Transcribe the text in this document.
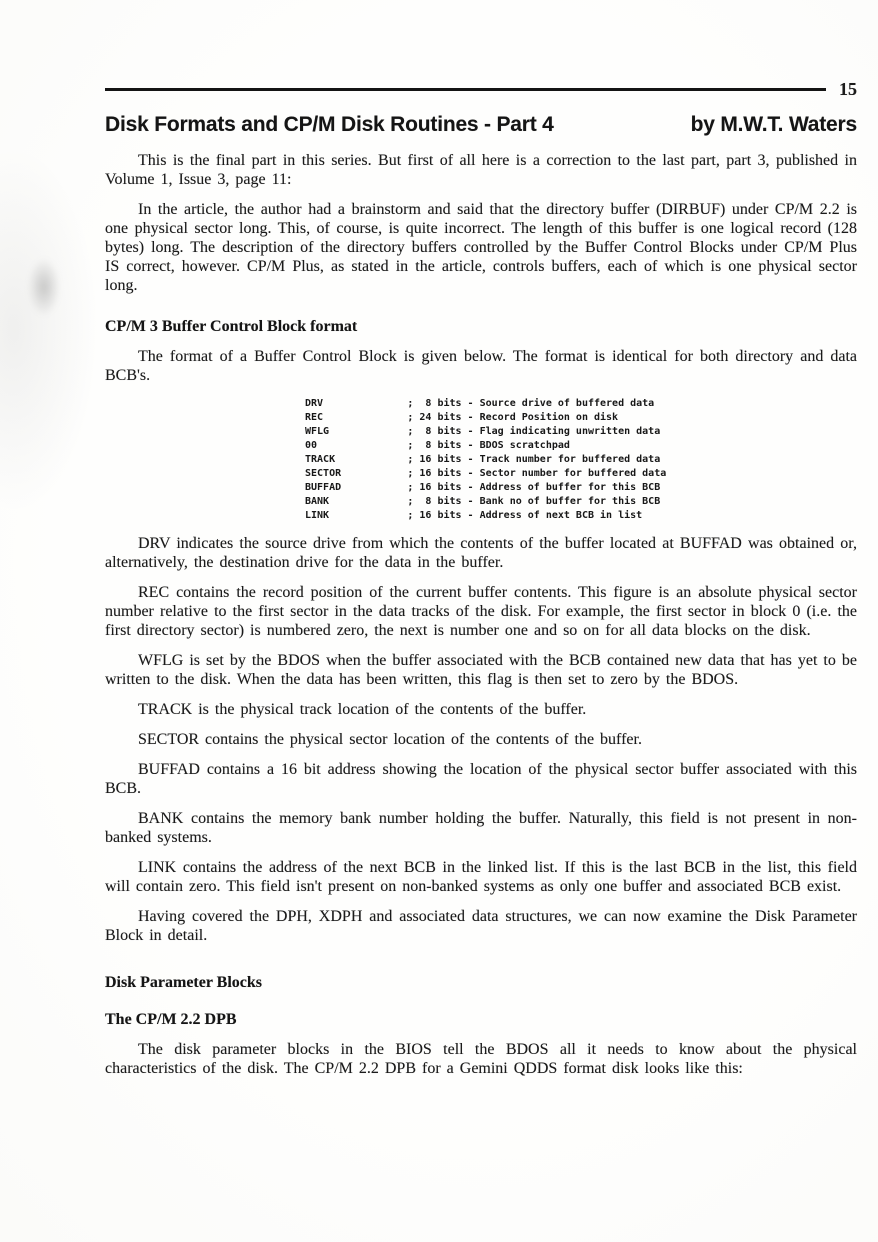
15
Disk Formats and CP/M Disk Routines - Part 4	by M.W.T. Waters

This is the final part in this series. But first of all here is a correction to the last part, part 3, published in Volume 1, Issue 3, page 11:

In the article, the author had a brainstorm and said that the directory buffer (DIRBUF) under CP/M 2.2 is one physical sector long. This, of course, is quite incorrect. The length of this buffer is one logical record (128 bytes) long. The description of the directory buffers controlled by the Buffer Control Blocks under CP/M Plus IS correct, however. CP/M Plus, as stated in the article, controls buffers, each of which is one physical sector long.

CP/M 3 Buffer Control Block format

The format of a Buffer Control Block is given below. The format is identical for both directory and data BCB's.

DRV              ;  8 bits - Source drive of buffered data
REC              ; 24 bits - Record Position on disk
WFLG             ;  8 bits - Flag indicating unwritten data
00               ;  8 bits - BDOS scratchpad
TRACK            ; 16 bits - Track number for buffered data
SECTOR           ; 16 bits - Sector number for buffered data
BUFFAD           ; 16 bits - Address of buffer for this BCB
BANK             ;  8 bits - Bank no of buffer for this BCB
LINK             ; 16 bits - Address of next BCB in list

DRV indicates the source drive from which the contents of the buffer located at BUFFAD was obtained or, alternatively, the destination drive for the data in the buffer.

REC contains the record position of the current buffer contents. This figure is an absolute physical sector number relative to the first sector in the data tracks of the disk. For example, the first sector in block 0 (i.e. the first directory sector) is numbered zero, the next is number one and so on for all data blocks on the disk.

WFLG is set by the BDOS when the buffer associated with the BCB contained new data that has yet to be written to the disk. When the data has been written, this flag is then set to zero by the BDOS.

TRACK is the physical track location of the contents of the buffer.

SECTOR contains the physical sector location of the contents of the buffer.

BUFFAD contains a 16 bit address showing the location of the physical sector buffer associated with this BCB.

BANK contains the memory bank number holding the buffer. Naturally, this field is not present in non-banked systems.

LINK contains the address of the next BCB in the linked list. If this is the last BCB in the list, this field will contain zero. This field isn't present on non-banked systems as only one buffer and associated BCB exist.

Having covered the DPH, XDPH and associated data structures, we can now examine the Disk Parameter Block in detail.

Disk Parameter Blocks
The CP/M 2.2 DPB

The disk parameter blocks in the BIOS tell the BDOS all it needs to know about the physical characteristics of the disk. The CP/M 2.2 DPB for a Gemini QDDS format disk looks like this:
